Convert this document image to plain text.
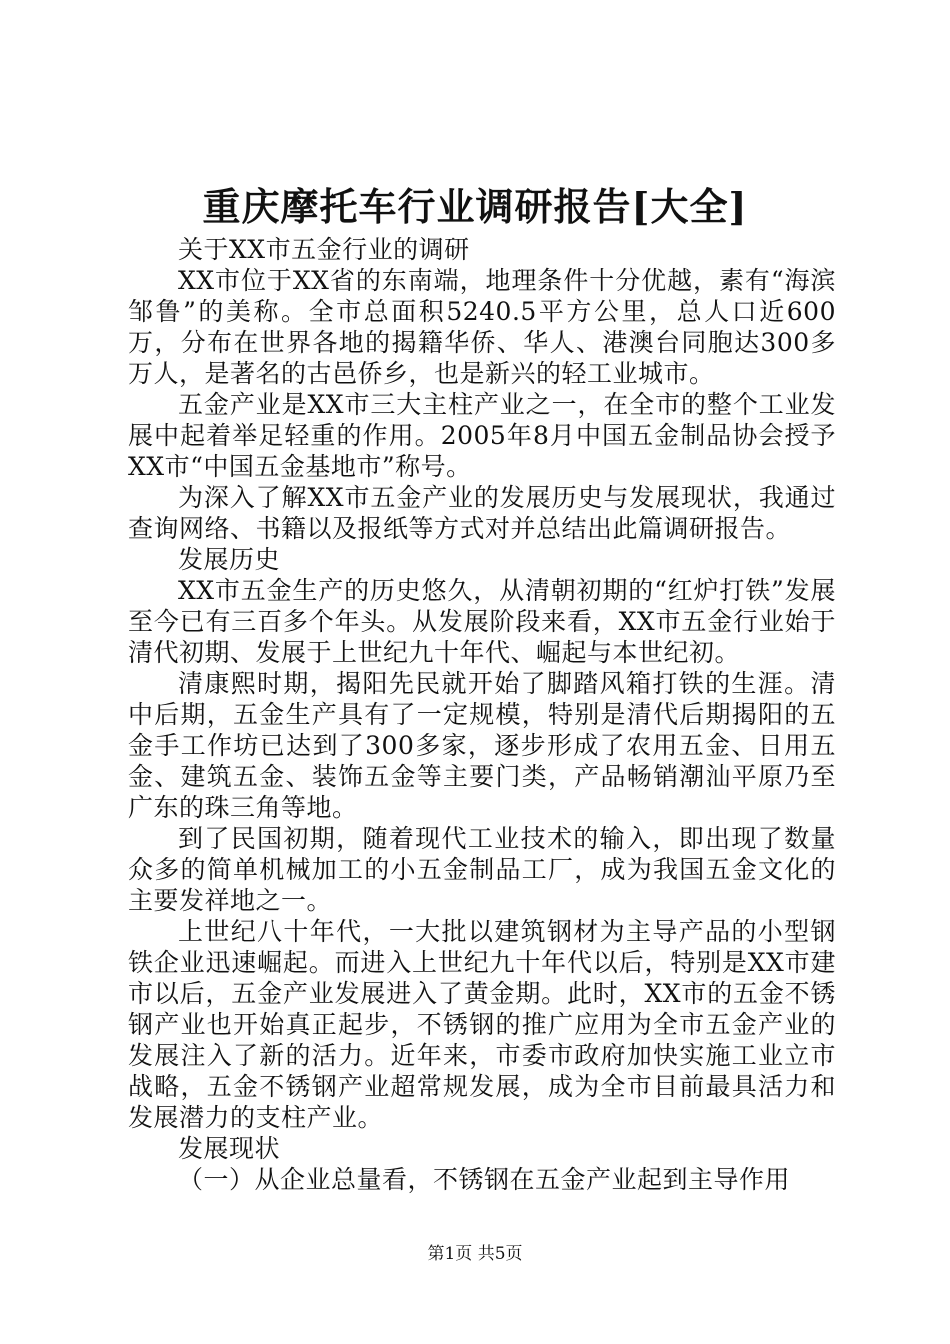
重庆摩托车行业调研报告[大全]

关于XX市五金行业的调研

XX市位于XX省的东南端，地理条件十分优越，素有“海滨邹鲁”的美称。全市总面积5240.5平方公里，总人口近600万，分布在世界各地的揭籍华侨、华人、港澳台同胞达300多万人，是著名的古邑侨乡，也是新兴的轻工业城市。

五金产业是XX市三大主柱产业之一，在全市的整个工业发展中起着举足轻重的作用。2005年8月中国五金制品协会授予XX市“中国五金基地市”称号。

为深入了解XX市五金产业的发展历史与发展现状，我通过查询网络、书籍以及报纸等方式对并总结出此篇调研报告。

发展历史

XX市五金生产的历史悠久，从清朝初期的“红炉打铁”发展至今已有三百多个年头。从发展阶段来看，XX市五金行业始于清代初期、发展于上世纪九十年代、崛起与本世纪初。

清康熙时期，揭阳先民就开始了脚踏风箱打铁的生涯。清中后期，五金生产具有了一定规模，特别是清代后期揭阳的五金手工作坊已达到了300多家，逐步形成了农用五金、日用五金、建筑五金、装饰五金等主要门类，产品畅销潮汕平原乃至广东的珠三角等地。

到了民国初期，随着现代工业技术的输入，即出现了数量众多的简单机械加工的小五金制品工厂，成为我国五金文化的主要发祥地之一。

上世纪八十年代，一大批以建筑钢材为主导产品的小型钢铁企业迅速崛起。而进入上世纪九十年代以后，特别是XX市建市以后，五金产业发展进入了黄金期。此时，XX市的五金不锈钢产业也开始真正起步，不锈钢的推广应用为全市五金产业的发展注入了新的活力。近年来，市委市政府加快实施工业立市战略，五金不锈钢产业超常规发展，成为全市目前最具活力和发展潜力的支柱产业。

发展现状

（一）从企业总量看，不锈钢在五金产业起到主导作用

第1页 共5页
